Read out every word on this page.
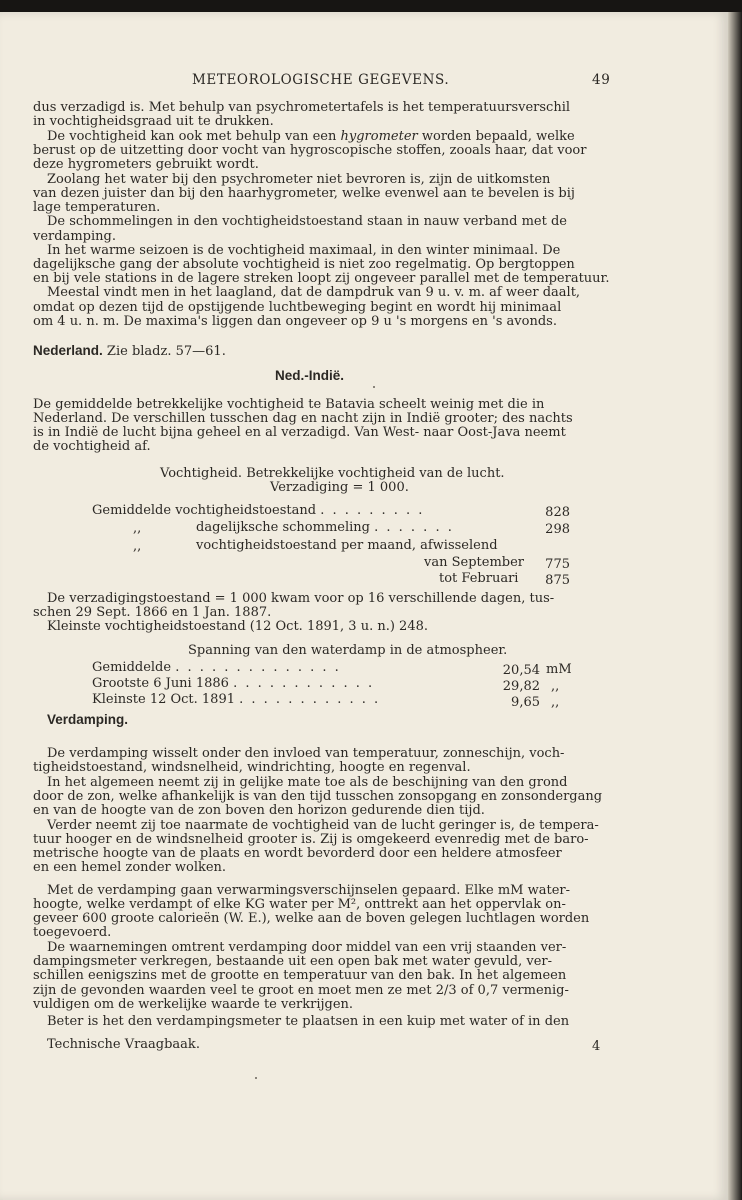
METEOROLOGISCHE GEGEVENS.	49
dus verzadigd is. Met behulp van psychrometertafels is het temperatuursverschil
in vochtigheidsgraad uit te drukken.
De vochtigheid kan ook met behulp van een hygrometer worden bepaald, welke
berust op de uitzetting door vocht van hygroscopische stoffen, zooals haar, dat voor
deze hygrometers gebruikt wordt.
Zoolang het water bij den psychrometer niet bevroren is, zijn de uitkomsten
van dezen juister dan bij den haarhygrometer, welke evenwel aan te bevelen is bij
lage temperaturen.
De schommelingen in den vochtigheidstoestand staan in nauw verband met de
verdamping.
In het warme seizoen is de vochtigheid maximaal, in den winter minimaal. De
dagelijksche gang der absolute vochtigheid is niet zoo regelmatig. Op bergtoppen
en bij vele stations in de lagere streken loopt zij ongeveer parallel met de temperatuur.
Meestal vindt men in het laagland, dat de dampdruk van 9 u. v. m. af weer daalt,
omdat op dezen tijd de opstijgende luchtbeweging begint en wordt hij minimaal
om 4 u. n. m. De maxima's liggen dan ongeveer op 9 u 's morgens en 's avonds.
Nederland. Zie bladz. 57—61.
Ned.-Indië.
De gemiddelde betrekkelijke vochtigheid te Batavia scheelt weinig met die in
Nederland. De verschillen tusschen dag en nacht zijn in Indië grooter; des nachts
is in Indië de lucht bijna geheel en al verzadigd. Van West- naar Oost-Java neemt
de vochtigheid af.
Vochtigheid. Betrekkelijke vochtigheid van de lucht.
Verzadiging = 1 000.
Gemiddelde vochtigheidstoestand . . . . . . . . .	828
,,	dagelijksche schommeling . . . . . . .	298
,,	vochtigheidstoestand per maand, afwisselend
van September	775
tot Februari	875
De verzadigingstoestand = 1 000 kwam voor op 16 verschillende dagen, tus-
schen 29 Sept. 1866 en 1 Jan. 1887.
Kleinste vochtigheidstoestand (12 Oct. 1891, 3 u. n.) 248.
Spanning van den waterdamp in de atmospheer.
Gemiddelde . . . . . . . . . . . . . .	20,54 mM
Grootste 6 Juni 1886 . . . . . . . . . . . .	29,82 ,,
Kleinste 12 Oct. 1891 . . . . . . . . . . . .	9,65 ,,
Verdamping.
De verdamping wisselt onder den invloed van temperatuur, zonneschijn, voch-
tigheidstoestand, windsnelheid, windrichting, hoogte en regenval.
In het algemeen neemt zij in gelijke mate toe als de beschijning van den grond
door de zon, welke afhankelijk is van den tijd tusschen zonsopgang en zonsondergang
en van de hoogte van de zon boven den horizon gedurende dien tijd.
Verder neemt zij toe naarmate de vochtigheid van de lucht geringer is, de tempera-
tuur hooger en de windsnelheid grooter is. Zij is omgekeerd evenredig met de baro-
metrische hoogte van de plaats en wordt bevorderd door een heldere atmosfeer
en een hemel zonder wolken.
Met de verdamping gaan verwarmingsverschijnselen gepaard. Elke mM water-
hoogte, welke verdampt of elke KG water per M², onttrekt aan het oppervlak on-
geveer 600 groote calorieën (W. E.), welke aan de boven gelegen luchtlagen worden
toegevoerd.
De waarnemingen omtrent verdamping door middel van een vrij staanden ver-
dampingsmeter verkregen, bestaande uit een open bak met water gevuld, ver-
schillen eenigszins met de grootte en temperatuur van den bak. In het algemeen
zijn de gevonden waarden veel te groot en moet men ze met 2/3 of 0,7 vermenig-
vuldigen om de werkelijke waarde te verkrijgen.
Beter is het den verdampingsmeter te plaatsen in een kuip met water of in den
Technische Vraagbaak.	4
